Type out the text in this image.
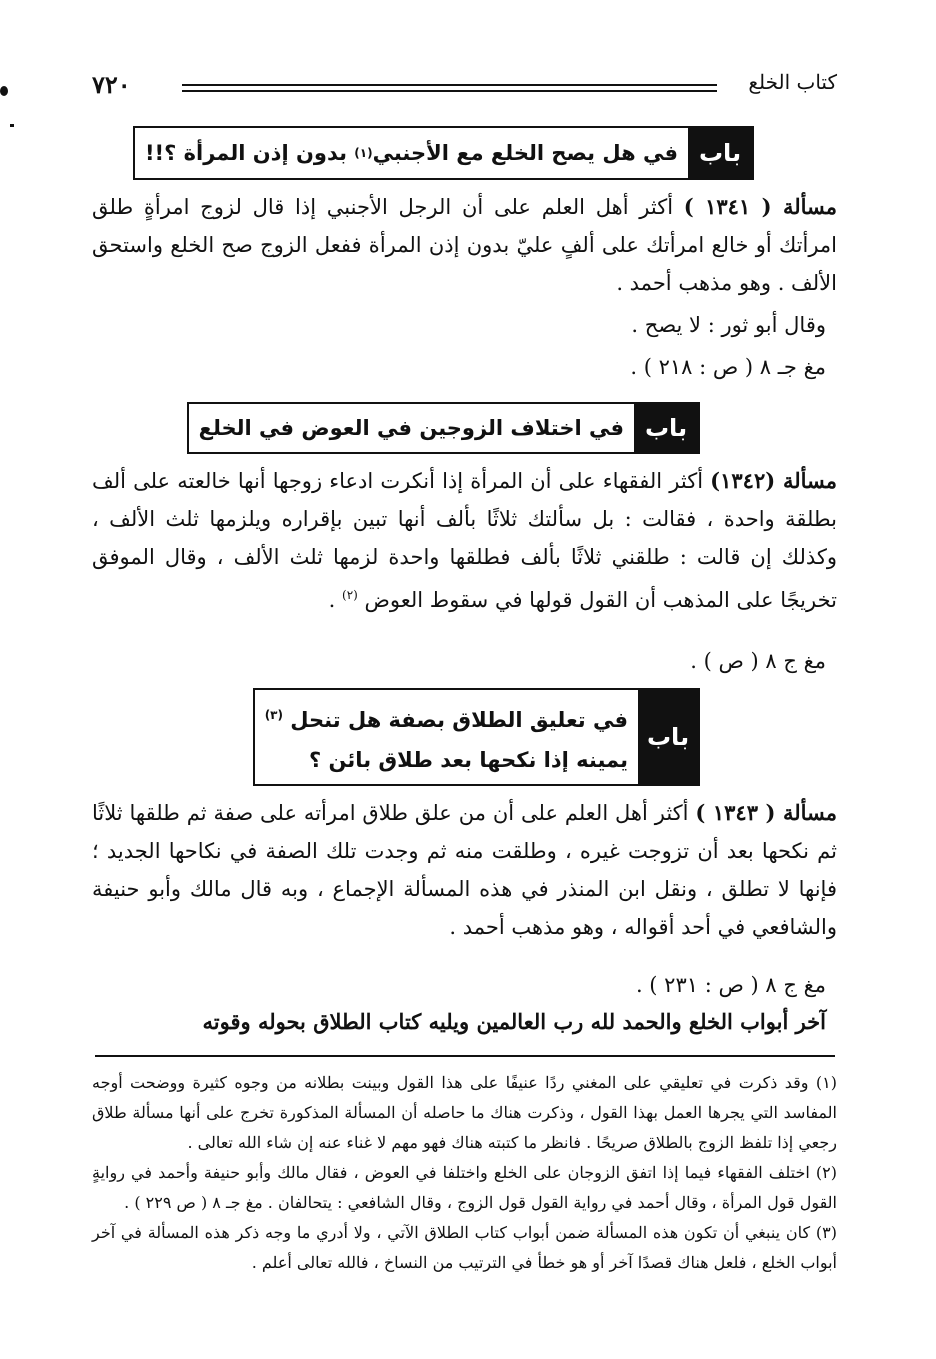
كتاب الخلع
٧٢٠
باب
في هل يصح الخلع مع الأجنبي
(١)

بدون إذن المرأة ؟!!
مسألة ( ١٣٤١ ) أكثر أهل العلم على أن الرجل الأجنبي إذا قال لزوج امرأةٍ طلق امرأتك أو خالع امرأتك على ألفٍ عليّ بدون إذن المرأة ففعل الزوج صح الخلع واستحق الألف . وهو مذهب أحمد .
وقال أبو ثور : لا يصح .
مغ جـ ٨ ( ص : ٢١٨ ) .
باب
في اختلاف الزوجين في العوض في الخلع
مسألة (١٣٤٢) أكثر الفقهاء على أن المرأة إذا أنكرت ادعاء زوجها أنها خالعته على ألف بطلقة واحدة ، فقالت : بل سألتك ثلاثًا بألف أنها تبين بإقراره ويلزمها ثلث الألف ، وكذلك إن قالت : طلقني ثلاثًا بألف فطلقها واحدة لزمها ثلث الألف ، وقال الموفق تخريجًا على المذهب أن القول قولها في سقوط العوض $^{(٢)}$ .
مغ ج ٨ ( ص ) .
باب
في تعليق الطلاق بصفة هل تنحل $^{(٣)}$
يمينه إذا نكحها بعد طلاق بائن ؟
مسألة ( ١٣٤٣ ) أكثر أهل العلم على أن من علق طلاق امرأته على صفة ثم طلقها ثلاثًا ثم نكحها بعد أن تزوجت غيره ، وطلقت منه ثم وجدت تلك الصفة في نكاحها الجديد ؛ فإنها لا تطلق ، ونقل ابن المنذر في هذه المسألة الإجماع ، وبه قال مالك وأبو حنيفة والشافعي في أحد أقواله ، وهو مذهب أحمد .
مغ ج ٨ ( ص : ٢٣١ ) .
آخر أبواب الخلع والحمد لله رب العالمين ويليه كتاب الطلاق بحوله وقوته

(١) وقد ذكرت في تعليقي على المغني ردًا عنيفًا على هذا القول وبينت بطلانه من وجوه كثيرة ووضحت أوجه المفاسد التي يجرها العمل بهذا القول ، وذكرت هناك ما حاصله أن المسألة المذكورة تخرج على أنها مسألة طلاق رجعي إذا تلفظ الزوج بالطلاق صريحًا . فانظر ما كتبته هناك فهو مهم لا غناء عنه إن شاء الله تعالى .

(٢) اختلف الفقهاء فيما إذا اتفق الزوجان على الخلع واختلفا في العوض ، فقال مالك وأبو حنيفة وأحمد في روايةٍ القول قول المرأة ، وقال أحمد في رواية القول قول الزوج ، وقال الشافعي : يتحالفان . مغ جـ ٨ ( ص ٢٢٩ ) .

(٣) كان ينبغي أن تكون هذه المسألة ضمن أبواب كتاب الطلاق الآتي ، ولا أدري ما وجه ذكر هذه المسألة في آخر أبواب الخلع ، فلعل هناك قصدًا آخر أو هو خطأ في الترتيب من النساخ ، فالله تعالى أعلم .
